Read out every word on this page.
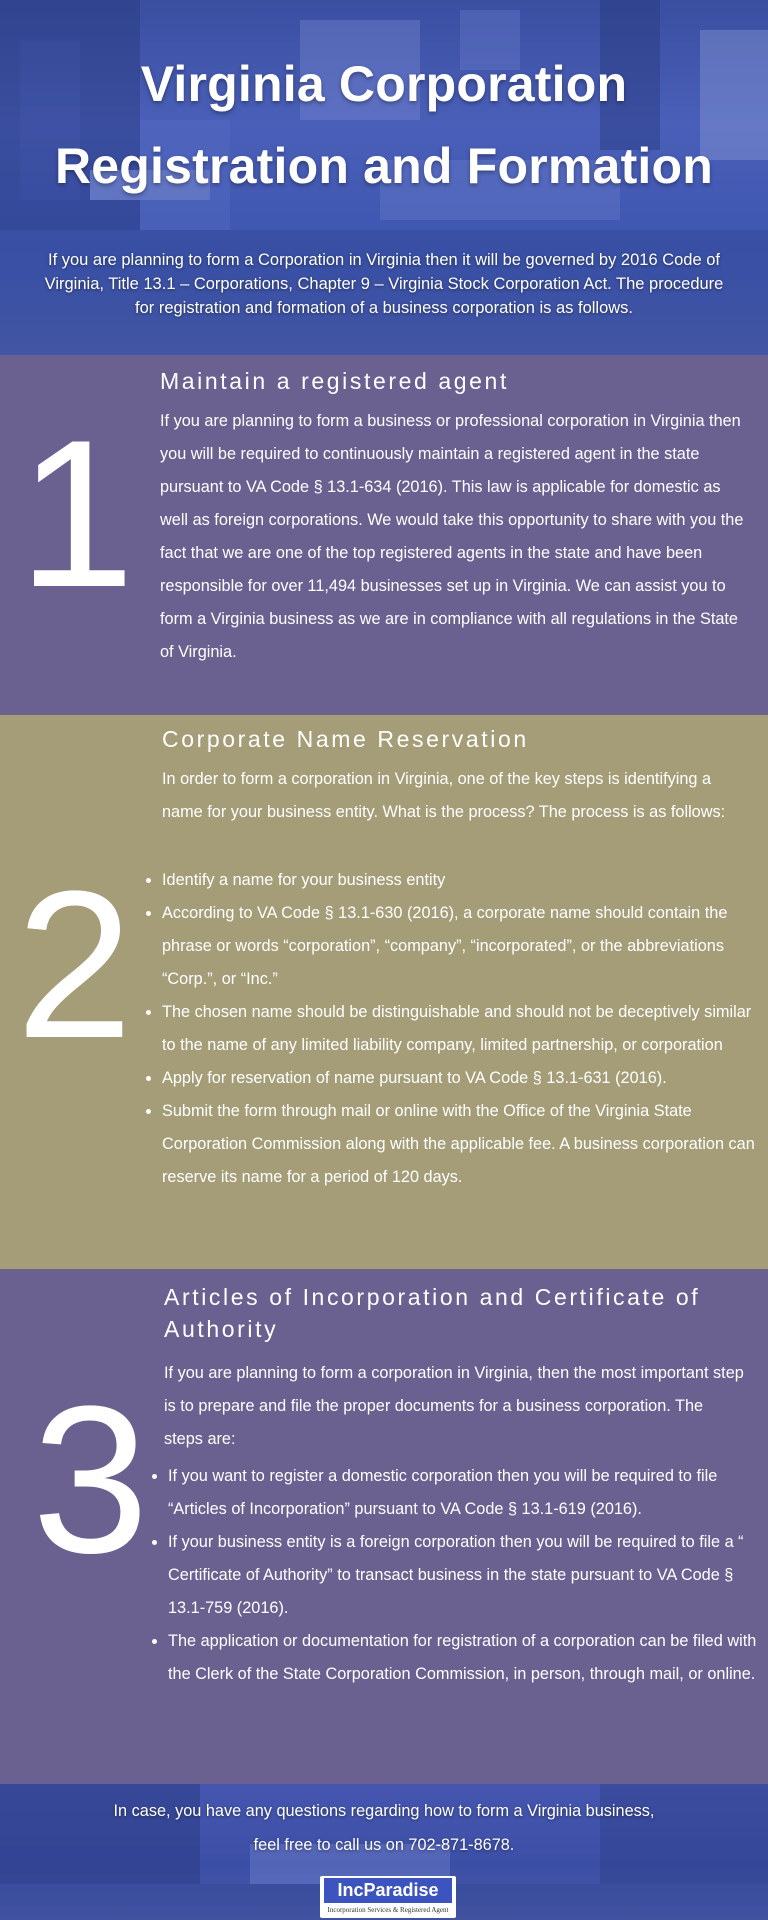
Virginia Corporation
Registration and Formation

If you are planning to form a Corporation in Virginia then it will be governed by 2016 Code of Virginia, Title 13.1 – Corporations, Chapter 9 – Virginia Stock Corporation Act. The procedure for registration and formation of a business corporation is as follows.

1
Maintain a registered agent

If you are planning to form a business or professional corporation in Virginia then you will be required to continuously maintain a registered agent in the state pursuant to VA Code § 13.1-634 (2016). This law is applicable for domestic as well as foreign corporations. We would take this opportunity to share with you the fact that we are one of the top registered agents in the state and have been responsible for over 11,494 businesses set up in Virginia. We can assist you to form a Virginia business as we are in compliance with all regulations in the State of Virginia.

2
Corporate Name Reservation

In order to form a corporation in Virginia, one of the key steps is identifying a name for your business entity. What is the process? The process is as follows:

• Identify a name for your business entity
• According to VA Code § 13.1-630 (2016), a corporate name should contain the phrase or words “corporation”, “company”, “incorporated”, or the abbreviations “Corp.”, or “Inc.”
• The chosen name should be distinguishable and should not be deceptively similar to the name of any limited liability company, limited partnership, or corporation
• Apply for reservation of name pursuant to VA Code § 13.1-631 (2016).
• Submit the form through mail or online with the Office of the Virginia State Corporation Commission along with the applicable fee. A business corporation can reserve its name for a period of 120 days.
3
Articles of Incorporation and Certificate of Authority

If you are planning to form a corporation in Virginia, then the most important step is to prepare and file the proper documents for a business corporation. The steps are:

• If you want to register a domestic corporation then you will be required to file “Articles of Incorporation” pursuant to VA Code § 13.1-619 (2016).
• If your business entity is a foreign corporation then you will be required to file a “ Certificate of Authority” to transact business in the state pursuant to VA Code § 13.1-759 (2016).
• The application or documentation for registration of a corporation can be filed with the Clerk of the State Corporation Commission, in person, through mail, or online.

In case, you have any questions regarding how to form a Virginia business,

feel free to call us on 702-871-8678.

IncParadise
Incorporation Services & Registered Agent
